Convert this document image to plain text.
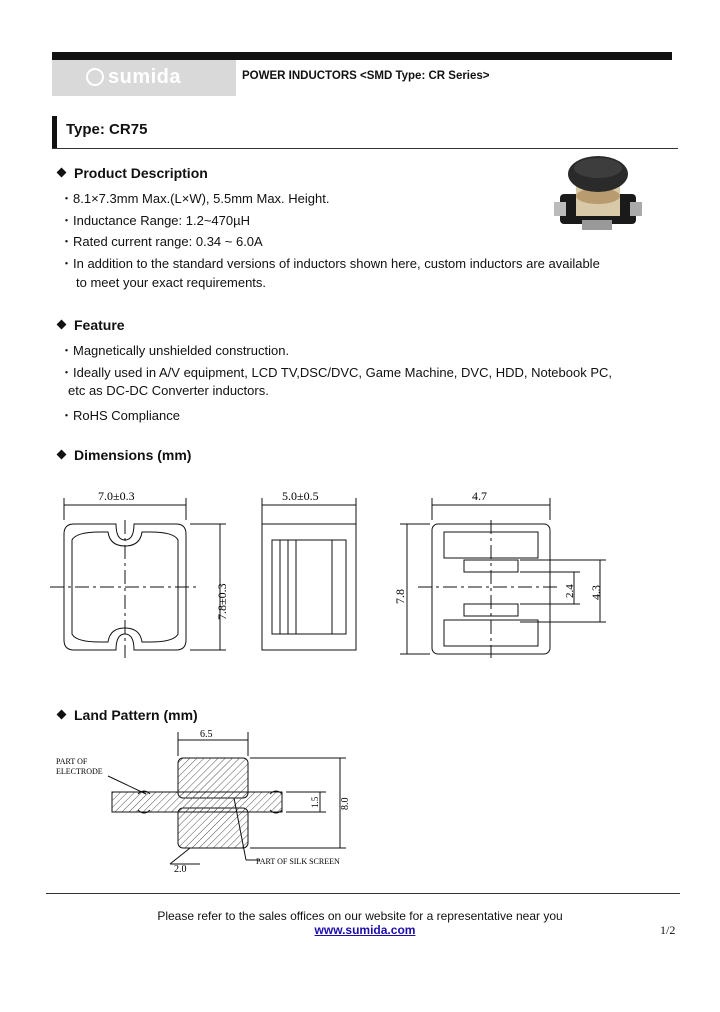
sumida	POWER INDUCTORS <SMD Type: CR Series>
Type: CR75
Product Description
・8.1×7.3mm Max.(L×W), 5.5mm Max. Height.
・Inductance Range: 1.2~470µH
・Rated current range: 0.34 ~ 6.0A
・In addition to the standard versions of inductors shown here, custom inductors are available
to meet your exact requirements.
Feature
・Magnetically unshielded construction.
・Ideally used in A/V equipment, LCD TV,DSC/DVC, Game Machine, DVC, HDD, Notebook PC,
etc as DC-DC Converter inductors.
・RoHS Compliance
Dimensions (mm)
7.0±0.3
7.8±0.3
5.0±0.5	4.7
7.8	4.3
2.4
Land Pattern (mm)
6.5
8.0
1.5
2.0
PART OF
ELECTRODE
PART OF SILK SCREEN
Please refer to the sales offices on our website for a representative near you
www.sumida.com	1/2
